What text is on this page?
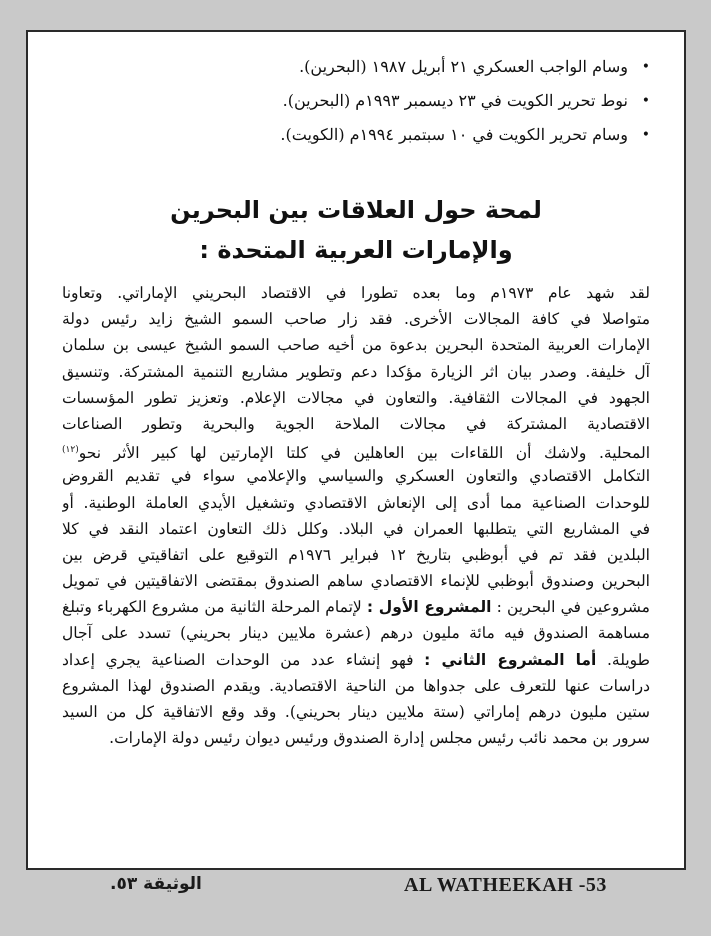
•
وسام الواجب العسكري ٢١ أبريل ١٩٨٧ (البحرين).
•
نوط تحرير الكويت في ٢٣ ديسمبر ١٩٩٣م (البحرين).
•
وسام تحرير الكويت في ١٠ سبتمبر ١٩٩٤م (الكويت).
لمحة حول العلاقات بين البحرين
والإمارات العربية المتحدة :
لقد شهد عام ١٩٧٣م وما بعده تطورا في الاقتصاد البحريني الإماراتي. وتعاونا
متواصلا في كافة المجالات الأخرى. فقد زار صاحب السمو الشيخ زايد رئيس دولة
الإمارات العربية المتحدة البحرين بدعوة من أخيه صاحب السمو الشيخ عيسى بن سلمان
آل خليفة. وصدر بيان اثر الزيارة مؤكدا دعم وتطوير مشاريع التنمية المشتركة. وتنسيق
الجهود في المجالات الثقافية. والتعاون في مجالات الإعلام. وتعزيز تطور المؤسسات
الاقتصادية المشتركة في مجالات الملاحة الجوية والبحرية وتطور الصناعات
المحلية. ولاشك أن اللقاءات بين العاهلين في كلتا الإمارتين لها كبير الأثر نحو$^{(١٢)}$
التكامل الاقتصادي والتعاون العسكري والسياسي والإعلامي سواء في تقديم القروض
للوحدات الصناعية مما أدى إلى الإنعاش الاقتصادي وتشغيل الأيدي العاملة الوطنية. أو
في المشاريع التي يتطلبها العمران في البلاد. وكلل ذلك التعاون اعتماد النقد في كلا
البلدين فقد تم في أبوظبي بتاريخ ١٢ فبراير ١٩٧٦م التوقيع على اتفاقيتي قرض بين
البحرين وصندوق أبوظبي للإنماء الاقتصادي ساهم الصندوق بمقتضى الاتفاقيتين في تمويل
مشروعين في البحرين : المشروع الأول : لإتمام المرحلة الثانية من مشروع الكهرباء وتبلغ
مساهمة الصندوق فيه مائة مليون درهم (عشرة ملايين دينار بحريني) تسدد على آجال
طويلة. أما المشروع الثاني : فهو إنشاء عدد من الوحدات الصناعية يجري إعداد
دراسات عنها للتعرف على جدواها من الناحية الاقتصادية. ويقدم الصندوق لهذا المشروع
ستين مليون درهم إماراتي (ستة ملايين دينار بحريني). وقد وقع الاتفاقية كل من السيد
سرور بن محمد نائب رئيس مجلس إدارة الصندوق ورئيس ديوان رئيس دولة الإمارات.
الوثيقة ٥٣.	AL WATHEEKAH -53
